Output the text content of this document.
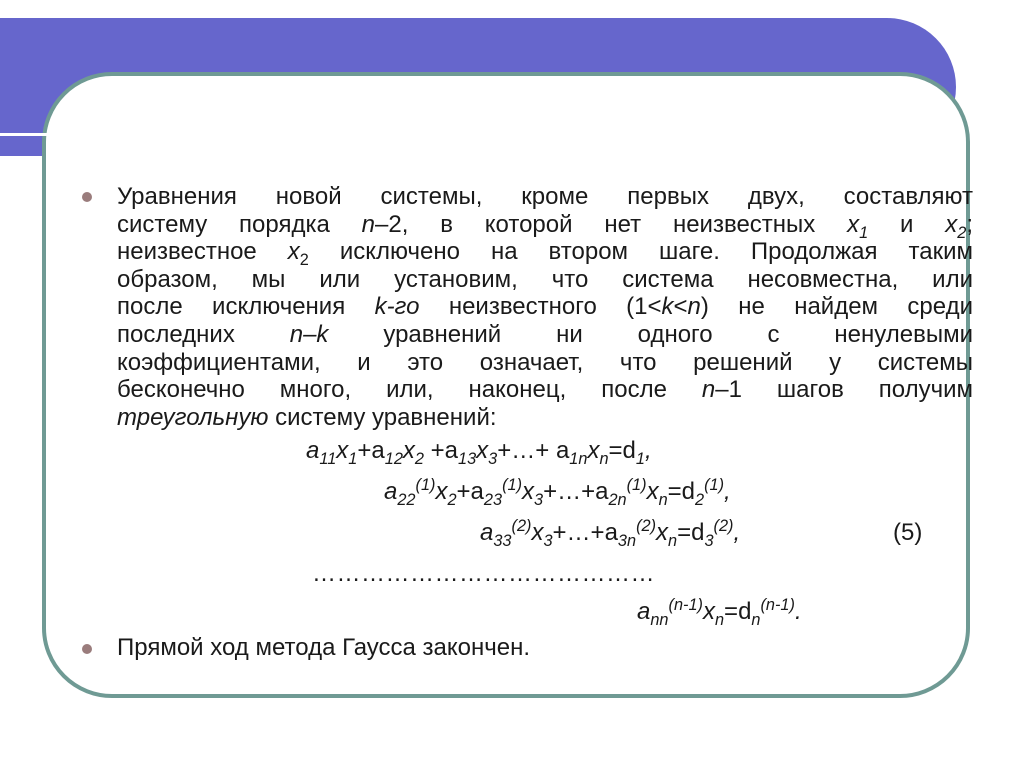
Уравнения новой системы, кроме первых двух, составляют
систему порядка n–2, в которой нет неизвестных $x_1$ и $x_2$;
неизвестное $x_2$ исключено на втором шаге. Продолжая таким
образом, мы или установим, что система несовместна, или
после исключения k-го неизвестного (1<k<n) не найдем среди
последних n–k уравнений ни одного с ненулевыми
коэффициентами, и это означает, что решений у системы
бесконечно много, или, наконец, после n–1 шагов получим
треугольную систему уравнений:

$a_{11}x_1+a_{12}x_2$ $+a_{13}x_3+\dots+ a_{1n}x_n=d_1$,

$a_{22}^{(1)}x_2+a_{23}^{(1)}x_3+\dots+a_{2n}^{(1)}x_n=d_2^{(1)}$,

$a_{33}^{(2)}x_3+\dots+a_{3n}^{(2)}x_n=d_3^{(2)}$,	(5)

……………………………………

$a_{nn}^{(n-1)}x_n=d_n^{(n-1)}$.

Прямой ход метода Гаусса закончен.
